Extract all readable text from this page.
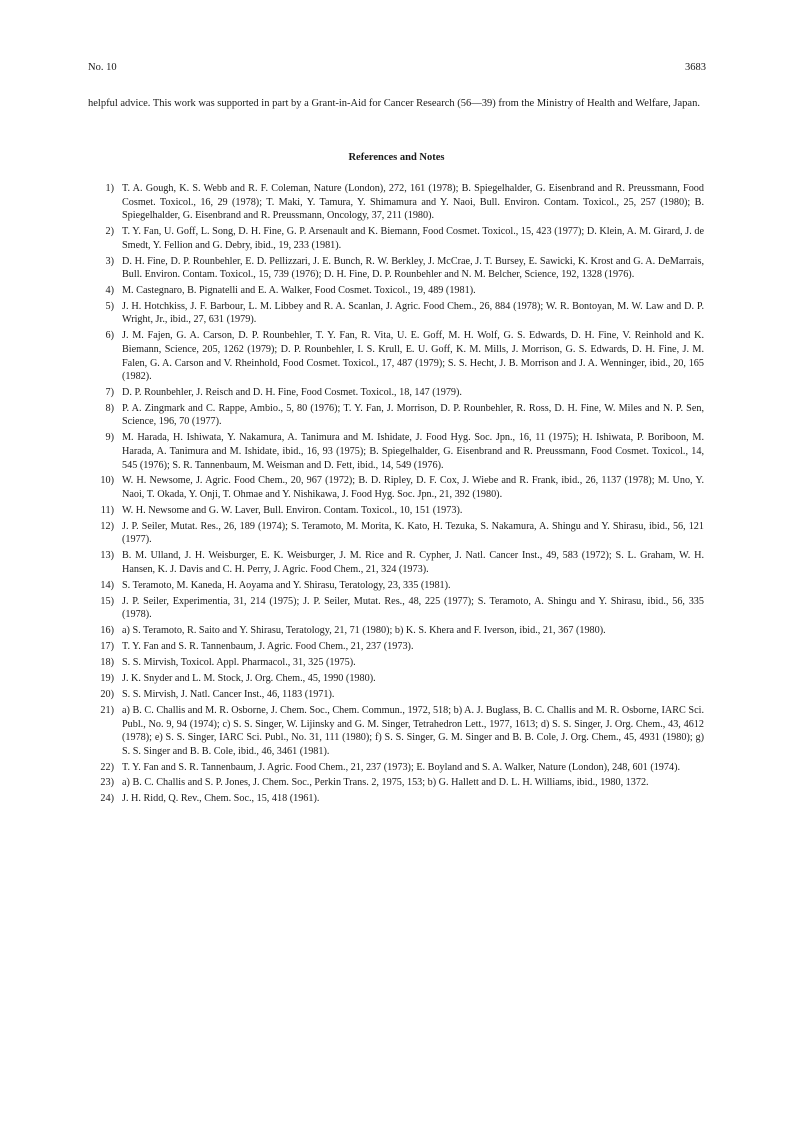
No. 10	3683
helpful advice. This work was supported in part by a Grant-in-Aid for Cancer Research (56—39) from the Ministry of Health and Welfare, Japan.
References and Notes
1) T. A. Gough, K. S. Webb and R. F. Coleman, Nature (London), 272, 161 (1978); B. Spiegelhalder, G. Eisenbrand and R. Preussmann, Food Cosmet. Toxicol., 16, 29 (1978); T. Maki, Y. Tamura, Y. Shimamura and Y. Naoi, Bull. Environ. Contam. Toxicol., 25, 257 (1980); B. Spiegelhalder, G. Eisenbrand and R. Preussmann, Oncology, 37, 211 (1980).
2) T. Y. Fan, U. Goff, L. Song, D. H. Fine, G. P. Arsenault and K. Biemann, Food Cosmet. Toxicol., 15, 423 (1977); D. Klein, A. M. Girard, J. de Smedt, Y. Fellion and G. Debry, ibid., 19, 233 (1981).
3) D. H. Fine, D. P. Rounbehler, E. D. Pellizzari, J. E. Bunch, R. W. Berkley, J. McCrae, J. T. Bursey, E. Sawicki, K. Krost and G. A. DeMarrais, Bull. Environ. Contam. Toxicol., 15, 739 (1976); D. H. Fine, D. P. Rounbehler and N. M. Belcher, Science, 192, 1328 (1976).
4) M. Castegnaro, B. Pignatelli and E. A. Walker, Food Cosmet. Toxicol., 19, 489 (1981).
5) J. H. Hotchkiss, J. F. Barbour, L. M. Libbey and R. A. Scanlan, J. Agric. Food Chem., 26, 884 (1978); W. R. Bontoyan, M. W. Law and D. P. Wright, Jr., ibid., 27, 631 (1979).
6) J. M. Fajen, G. A. Carson, D. P. Rounbehler, T. Y. Fan, R. Vita, U. E. Goff, M. H. Wolf, G. S. Edwards, D. H. Fine, V. Reinhold and K. Biemann, Science, 205, 1262 (1979); D. P. Rounbehler, I. S. Krull, E. U. Goff, K. M. Mills, J. Morrison, G. S. Edwards, D. H. Fine, J. M. Falen, G. A. Carson and V. Rheinhold, Food Cosmet. Toxicol., 17, 487 (1979); S. S. Hecht, J. B. Morrison and J. A. Wenninger, ibid., 20, 165 (1982).
7) D. P. Rounbehler, J. Reisch and D. H. Fine, Food Cosmet. Toxicol., 18, 147 (1979).
8) P. A. Zingmark and C. Rappe, Ambio., 5, 80 (1976); T. Y. Fan, J. Morrison, D. P. Rounbehler, R. Ross, D. H. Fine, W. Miles and N. P. Sen, Science, 196, 70 (1977).
9) M. Harada, H. Ishiwata, Y. Nakamura, A. Tanimura and M. Ishidate, J. Food Hyg. Soc. Jpn., 16, 11 (1975); H. Ishiwata, P. Boriboon, M. Harada, A. Tanimura and M. Ishidate, ibid., 16, 93 (1975); B. Spiegelhalder, G. Eisenbrand and R. Preussmann, Food Cosmet. Toxicol., 14, 545 (1976); S. R. Tannenbaum, M. Weisman and D. Fett, ibid., 14, 549 (1976).
10) W. H. Newsome, J. Agric. Food Chem., 20, 967 (1972); B. D. Ripley, D. F. Cox, J. Wiebe and R. Frank, ibid., 26, 1137 (1978); M. Uno, Y. Naoi, T. Okada, Y. Onji, T. Ohmae and Y. Nishikawa, J. Food Hyg. Soc. Jpn., 21, 392 (1980).
11) W. H. Newsome and G. W. Laver, Bull. Environ. Contam. Toxicol., 10, 151 (1973).
12) J. P. Seiler, Mutat. Res., 26, 189 (1974); S. Teramoto, M. Morita, K. Kato, H. Tezuka, S. Nakamura, A. Shingu and Y. Shirasu, ibid., 56, 121 (1977).
13) B. M. Ulland, J. H. Weisburger, E. K. Weisburger, J. M. Rice and R. Cypher, J. Natl. Cancer Inst., 49, 583 (1972); S. L. Graham, W. H. Hansen, K. J. Davis and C. H. Perry, J. Agric. Food Chem., 21, 324 (1973).
14) S. Teramoto, M. Kaneda, H. Aoyama and Y. Shirasu, Teratology, 23, 335 (1981).
15) J. P. Seiler, Experimentia, 31, 214 (1975); J. P. Seiler, Mutat. Res., 48, 225 (1977); S. Teramoto, A. Shingu and Y. Shirasu, ibid., 56, 335 (1978).
16) a) S. Teramoto, R. Saito and Y. Shirasu, Teratology, 21, 71 (1980); b) K. S. Khera and F. Iverson, ibid., 21, 367 (1980).
17) T. Y. Fan and S. R. Tannenbaum, J. Agric. Food Chem., 21, 237 (1973).
18) S. S. Mirvish, Toxicol. Appl. Pharmacol., 31, 325 (1975).
19) J. K. Snyder and L. M. Stock, J. Org. Chem., 45, 1990 (1980).
20) S. S. Mirvish, J. Natl. Cancer Inst., 46, 1183 (1971).
21) a) B. C. Challis and M. R. Osborne, J. Chem. Soc., Chem. Commun., 1972, 518; b) A. J. Buglass, B. C. Challis and M. R. Osborne, IARC Sci. Publ., No. 9, 94 (1974); c) S. S. Singer, W. Lijinsky and G. M. Singer, Tetrahedron Lett., 1977, 1613; d) S. S. Singer, J. Org. Chem., 43, 4612 (1978); e) S. S. Singer, IARC Sci. Publ., No. 31, 111 (1980); f) S. S. Singer, G. M. Singer and B. B. Cole, J. Org. Chem., 45, 4931 (1980); g) S. S. Singer and B. B. Cole, ibid., 46, 3461 (1981).
22) T. Y. Fan and S. R. Tannenbaum, J. Agric. Food Chem., 21, 237 (1973); E. Boyland and S. A. Walker, Nature (London), 248, 601 (1974).
23) a) B. C. Challis and S. P. Jones, J. Chem. Soc., Perkin Trans. 2, 1975, 153; b) G. Hallett and D. L. H. Williams, ibid., 1980, 1372.
24) J. H. Ridd, Q. Rev., Chem. Soc., 15, 418 (1961).
